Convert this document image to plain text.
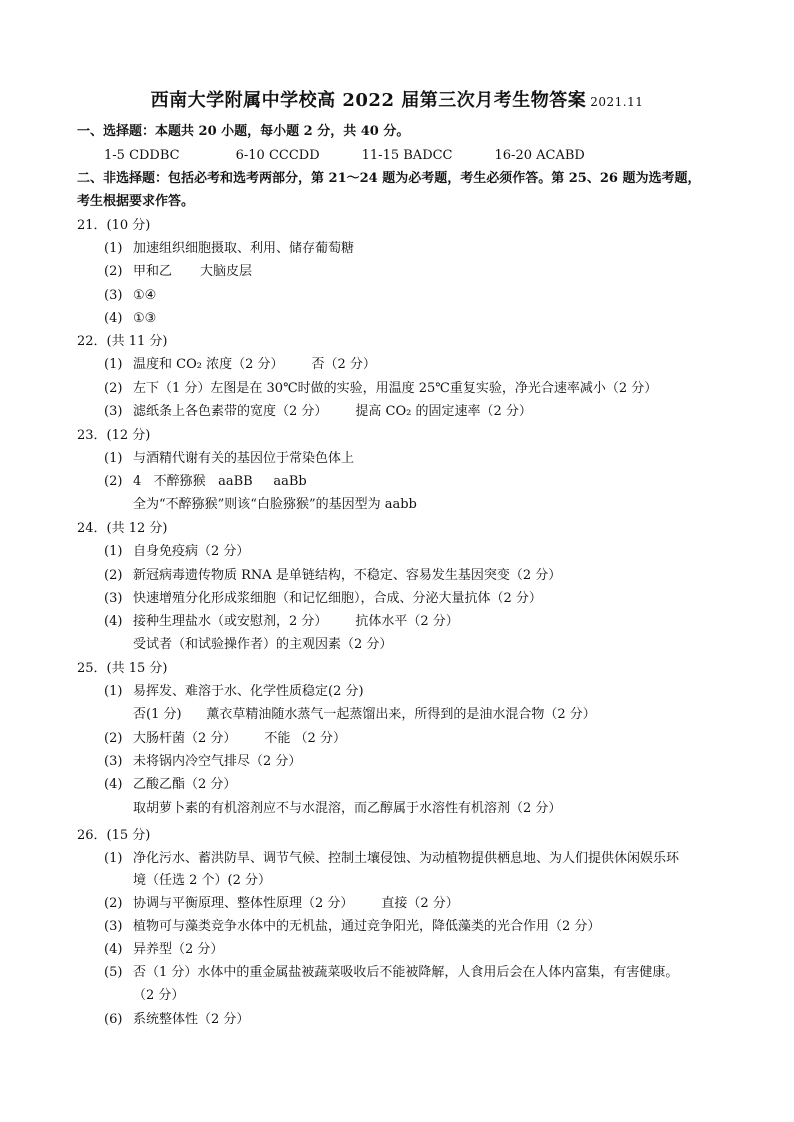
西南大学附属中学校高 2022 届第三次月考生物答案 2021.11
一、选择题：本题共 20 小题，每小题 2 分，共 40 分。
1-5 CDDBC	6-10 CCCDD	11-15 BADCC	16-20 ACABD
二、非选择题：包括必考和选考两部分，第 21～24 题为必考题，考生必须作答。第 25、26 题为选考题，
考生根据要求作答。
21．(10 分)
(1) 加速组织细胞摄取、利用、储存葡萄糖
(2) 甲和乙 大脑皮层
(3) ①④
(4) ①③
22．(共 11 分)
(1) 温度和 CO₂ 浓度（2 分） 否（2 分）
(2) 左下（1 分）左图是在 30℃时做的实验，用温度 25℃重复实验，净光合速率减小（2 分）
(3) 滤纸条上各色素带的宽度（2 分） 提高 CO₂ 的固定速率（2 分）
23．(12 分)
(1) 与酒精代谢有关的基因位于常染色体上
(2) 4   不醉猕猴   aaBB     aaBb
全为“不醉猕猴”则该“白脸猕猴”的基因型为 aabb
24．(共 12 分)
(1) 自身免疫病（2 分）
(2) 新冠病毒遗传物质 RNA 是单链结构，不稳定、容易发生基因突变（2 分）
(3) 快速增殖分化形成浆细胞（和记忆细胞），合成、分泌大量抗体（2 分）
(4) 接种生理盐水（或安慰剂，2 分） 抗体水平（2 分）
受试者（和试验操作者）的主观因素（2 分）
25．(共 15 分)
(1) 易挥发、难溶于水、化学性质稳定(2 分)
否(1 分)      薰衣草精油随水蒸气一起蒸馏出来，所得到的是油水混合物（2 分）
(2) 大肠杆菌（2 分） 不能 （2 分）
(3) 未将锅内冷空气排尽（2 分）
(4) 乙酸乙酯（2 分）
取胡萝卜素的有机溶剂应不与水混溶，而乙醇属于水溶性有机溶剂（2 分）
26．(15 分)
(1) 净化污水、蓄洪防旱、调节气候、控制土壤侵蚀、为动植物提供栖息地、为人们提供休闲娱乐环
境（任选 2 个）(2 分）
(2) 协调与平衡原理、整体性原理（2 分） 直接（2 分）
(3) 植物可与藻类竞争水体中的无机盐，通过竞争阳光，降低藻类的光合作用（2 分）
(4) 异养型（2 分）
(5) 否（1 分）水体中的重金属盐被蔬菜吸收后不能被降解，人食用后会在人体内富集，有害健康。
（2 分）
(6) 系统整体性（2 分）
